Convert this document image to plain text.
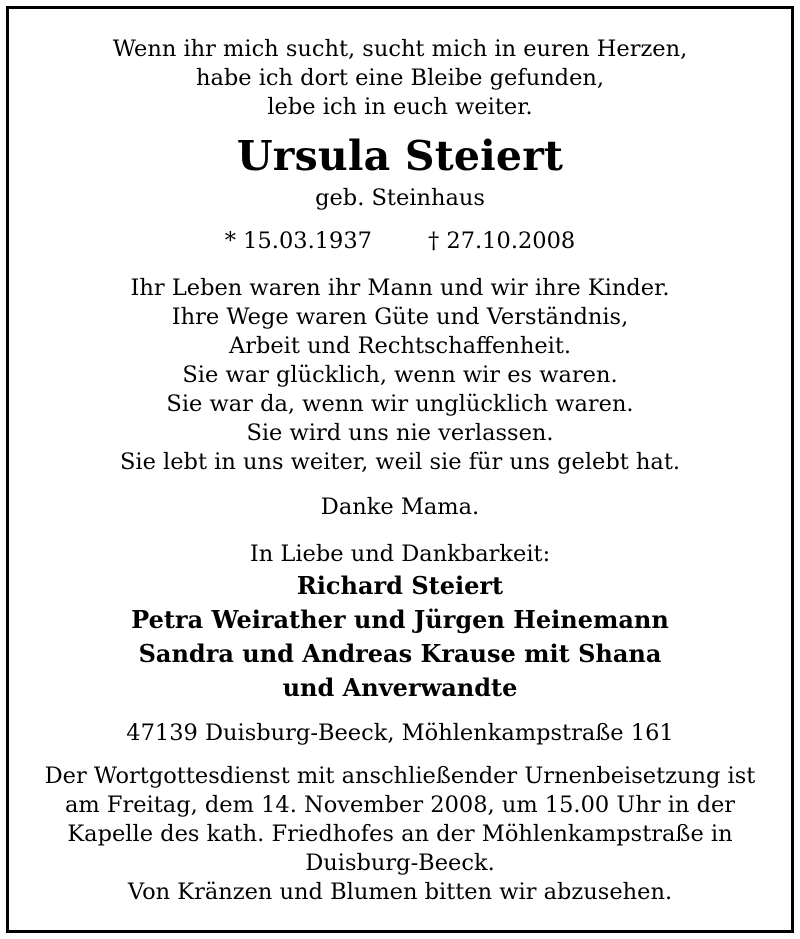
Wenn ihr mich sucht, sucht mich in euren Herzen,
habe ich dort eine Bleibe gefunden,
lebe ich in euch weiter.
Ursula Steiert
geb. Steinhaus
* 15.03.1937 † 27.10.2008
Ihr Leben waren ihr Mann und wir ihre Kinder.
Ihre Wege waren Güte und Verständnis,
Arbeit und Rechtschaffenheit.
Sie war glücklich, wenn wir es waren.
Sie war da, wenn wir unglücklich waren.
Sie wird uns nie verlassen.
Sie lebt in uns weiter, weil sie für uns gelebt hat.
Danke Mama.
In Liebe und Dankbarkeit:
Richard Steiert
Petra Weirather und Jürgen Heinemann
Sandra und Andreas Krause mit Shana
und Anverwandte
47139 Duisburg-Beeck, Möhlenkampstraße 161
Der Wortgottesdienst mit anschließender Urnenbeisetzung ist
am Freitag, dem 14. November 2008, um 15.00 Uhr in der
Kapelle des kath. Friedhofes an der Möhlenkampstraße in
Duisburg-Beeck.
Von Kränzen und Blumen bitten wir abzusehen.
